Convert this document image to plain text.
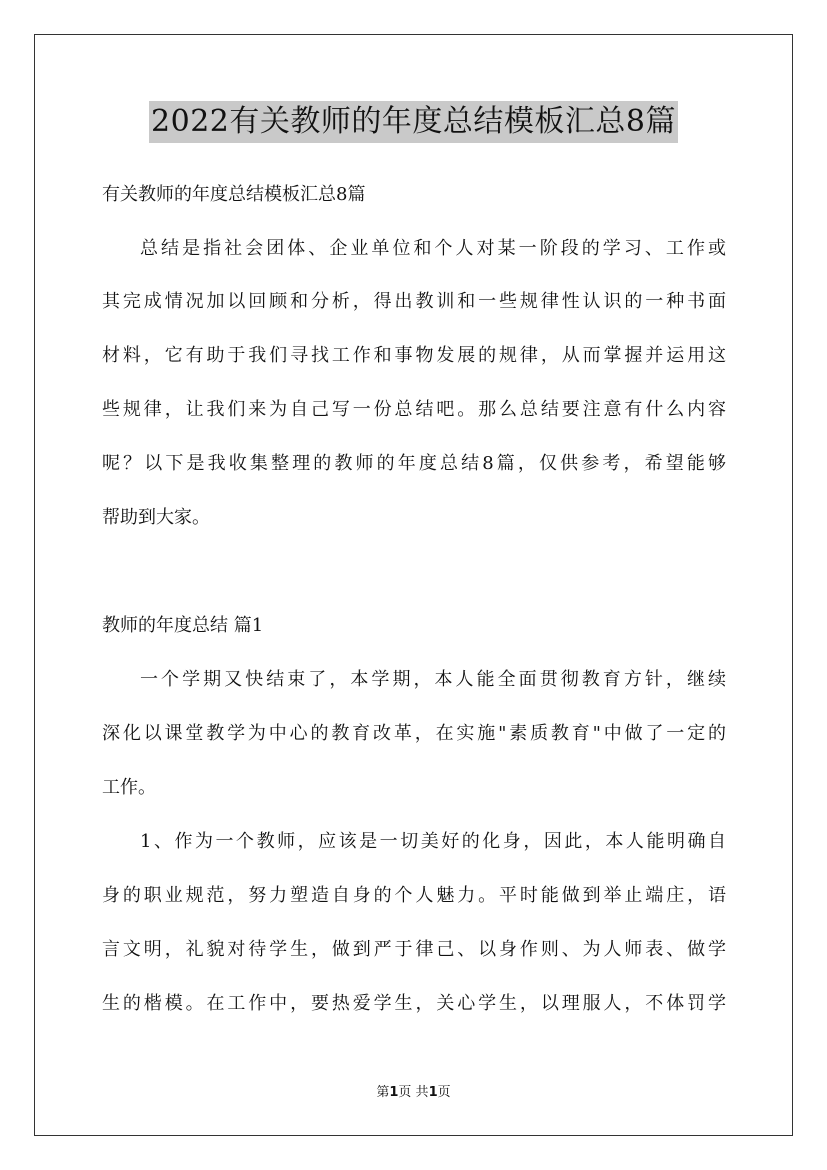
2022有关教师的年度总结模板汇总8篇
有关教师的年度总结模板汇总8篇
总结是指社会团体、企业单位和个人对某一阶段的学习、工作或
其完成情况加以回顾和分析，得出教训和一些规律性认识的一种书面
材料，它有助于我们寻找工作和事物发展的规律，从而掌握并运用这
些规律，让我们来为自己写一份总结吧。那么总结要注意有什么内容
呢？以下是我收集整理的教师的年度总结8篇，仅供参考，希望能够
帮助到大家。
教师的年度总结 篇1
一个学期又快结束了，本学期，本人能全面贯彻教育方针，继续
深化以课堂教学为中心的教育改革，在实施"素质教育"中做了一定的
工作。
1、作为一个教师，应该是一切美好的化身，因此，本人能明确自
身的职业规范，努力塑造自身的个人魅力。平时能做到举止端庄，语
言文明，礼貌对待学生，做到严于律己、以身作则、为人师表、做学
生的楷模。在工作中，要热爱学生，关心学生，以理服人，不体罚学
第1页 共1页
